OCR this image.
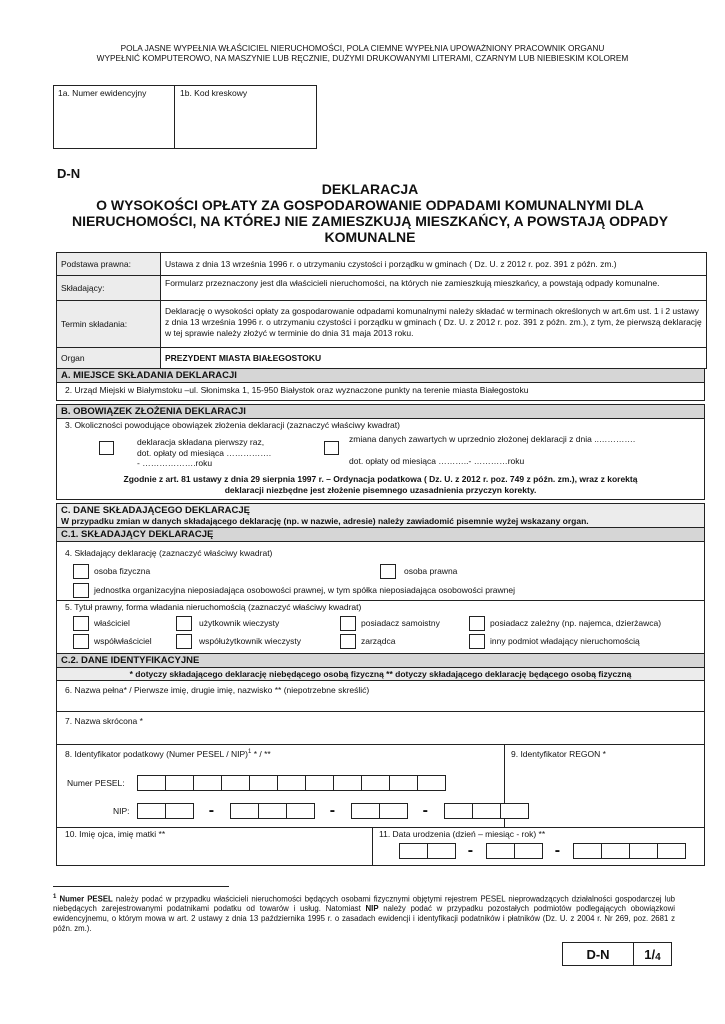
POLA JASNE WYPEŁNIA WŁAŚCICIEL NIERUCHOMOŚCI, POLA CIEMNE WYPEŁNIA UPOWAŻNIONY PRACOWNIK ORGANU
WYPEŁNIĆ KOMPUTEROWO, NA MASZYNIE LUB RĘCZNIE, DUŻYMI DRUKOWANYMI LITERAMI, CZARNYM LUB NIEBIESKIM KOLOREM
1a. Numer ewidencyjny	1b. Kod kreskowy
D-N
DEKLARACJA
O WYSOKOŚCI OPŁATY ZA GOSPODAROWANIE ODPADAMI KOMUNALNYMI DLA
NIERUCHOMOŚCI, NA KTÓREJ NIE ZAMIESZKUJĄ MIESZKAŃCY, A POWSTAJĄ ODPADY
KOMUNALNE
Podstawa prawna:	Ustawa z dnia 13 września 1996 r. o utrzymaniu czystości i porządku w gminach ( Dz. U. z 2012 r. poz. 391 z późn. zm.)
Składający:	Formularz przeznaczony jest dla właścicieli nieruchomości, na których nie zamieszkują mieszkańcy, a powstają odpady komunalne.
Termin składania:
Deklarację o wysokości opłaty za gospodarowanie odpadami komunalnymi należy składać w terminach określonych w art.6m ust. 1 i 2 ustawy z dnia 13 września 1996 r. o utrzymaniu czystości i porządku w gminach ( Dz. U. z 2012 r. poz. 391 z późn. zm.), z tym, że pierwszą deklarację w tej sprawie należy złożyć w terminie do dnia 31 maja 2013 roku.
Organ	PREZYDENT MIASTA BIAŁEGOSTOKU
A. MIEJSCE SKŁADANIA DEKLARACJI
2. Urząd Miejski w Białymstoku –ul. Słonimska 1, 15-950 Białystok oraz wyznaczone punkty na terenie miasta Białegostoku
B. OBOWIĄZEK ZŁOŻENIA DEKLARACJI
3. Okoliczności powodujące obowiązek złożenia deklaracji (zaznaczyć właściwy kwadrat)
deklaracja składana pierwszy raz,
dot. opłaty od miesiąca …………….
- ……………….roku
zmiana danych zawartych w uprzednio złożonej deklaracji z dnia ..………….
dot. opłaty od miesiąca ………..- …………roku
Zgodnie z art. 81 ustawy z dnia 29 sierpnia 1997 r. – Ordynacja podatkowa ( Dz. U. z 2012 r. poz. 749 z późn. zm.), wraz z korektą
deklaracji niezbędne jest złożenie pisemnego uzasadnienia przyczyn korekty.
C. DANE SKŁADAJĄCEGO DEKLARACJĘ
W przypadku zmian w danych składającego deklarację (np. w nazwie, adresie) należy zawiadomić pisemnie wyżej wskazany organ.
C.1. SKŁADAJĄCY DEKLARACJĘ
4. Składający deklarację (zaznaczyć właściwy kwadrat)
osoba fizyczna	osoba prawna
jednostka organizacyjna nieposiadająca osobowości prawnej, w tym spółka nieposiadająca osobowości prawnej
5. Tytuł prawny, forma władania nieruchomością (zaznaczyć właściwy kwadrat)
właściciel	użytkownik wieczysty	posiadacz samoistny	posiadacz zależny (np. najemca, dzierżawca)
współwłaściciel	współużytkownik wieczysty	zarządca	inny podmiot władający nieruchomością
C.2. DANE IDENTYFIKACYJNE
* dotyczy składającego deklarację niebędącego osobą fizyczną ** dotyczy składającego deklarację będącego osobą fizyczną
6. Nazwa pełna* / Pierwsze imię, drugie imię, nazwisko ** (niepotrzebne skreślić)
7. Nazwa skrócona *
8. Identyfikator podatkowy (Numer PESEL / NIP)$^1$ * / **
Numer PESEL:
NIP:	-	-	-
9. Identyfikator REGON *
10. Imię ojca, imię matki **	11. Data urodzenia (dzień – miesiąc - rok) **
-	-
$^1$ Numer PESEL należy podać w przypadku właścicieli nieruchomości będących osobami fizycznymi objętymi rejestrem PESEL nieprowadzących działalności gospodarczej lub niebędących zarejestrowanymi podatnikami podatku od towarów i usług. Natomiast NIP należy podać w przypadku pozostałych podmiotów podlegających obowiązkowi ewidencyjnemu, o którym mowa w art. 2 ustawy z dnia 13 października 1995 r. o zasadach ewidencji i identyfikacji podatników i płatników (Dz. U. z 2004 r. Nr 269, poz. 2681 z późn. zm.).
D-N	1/ 4
